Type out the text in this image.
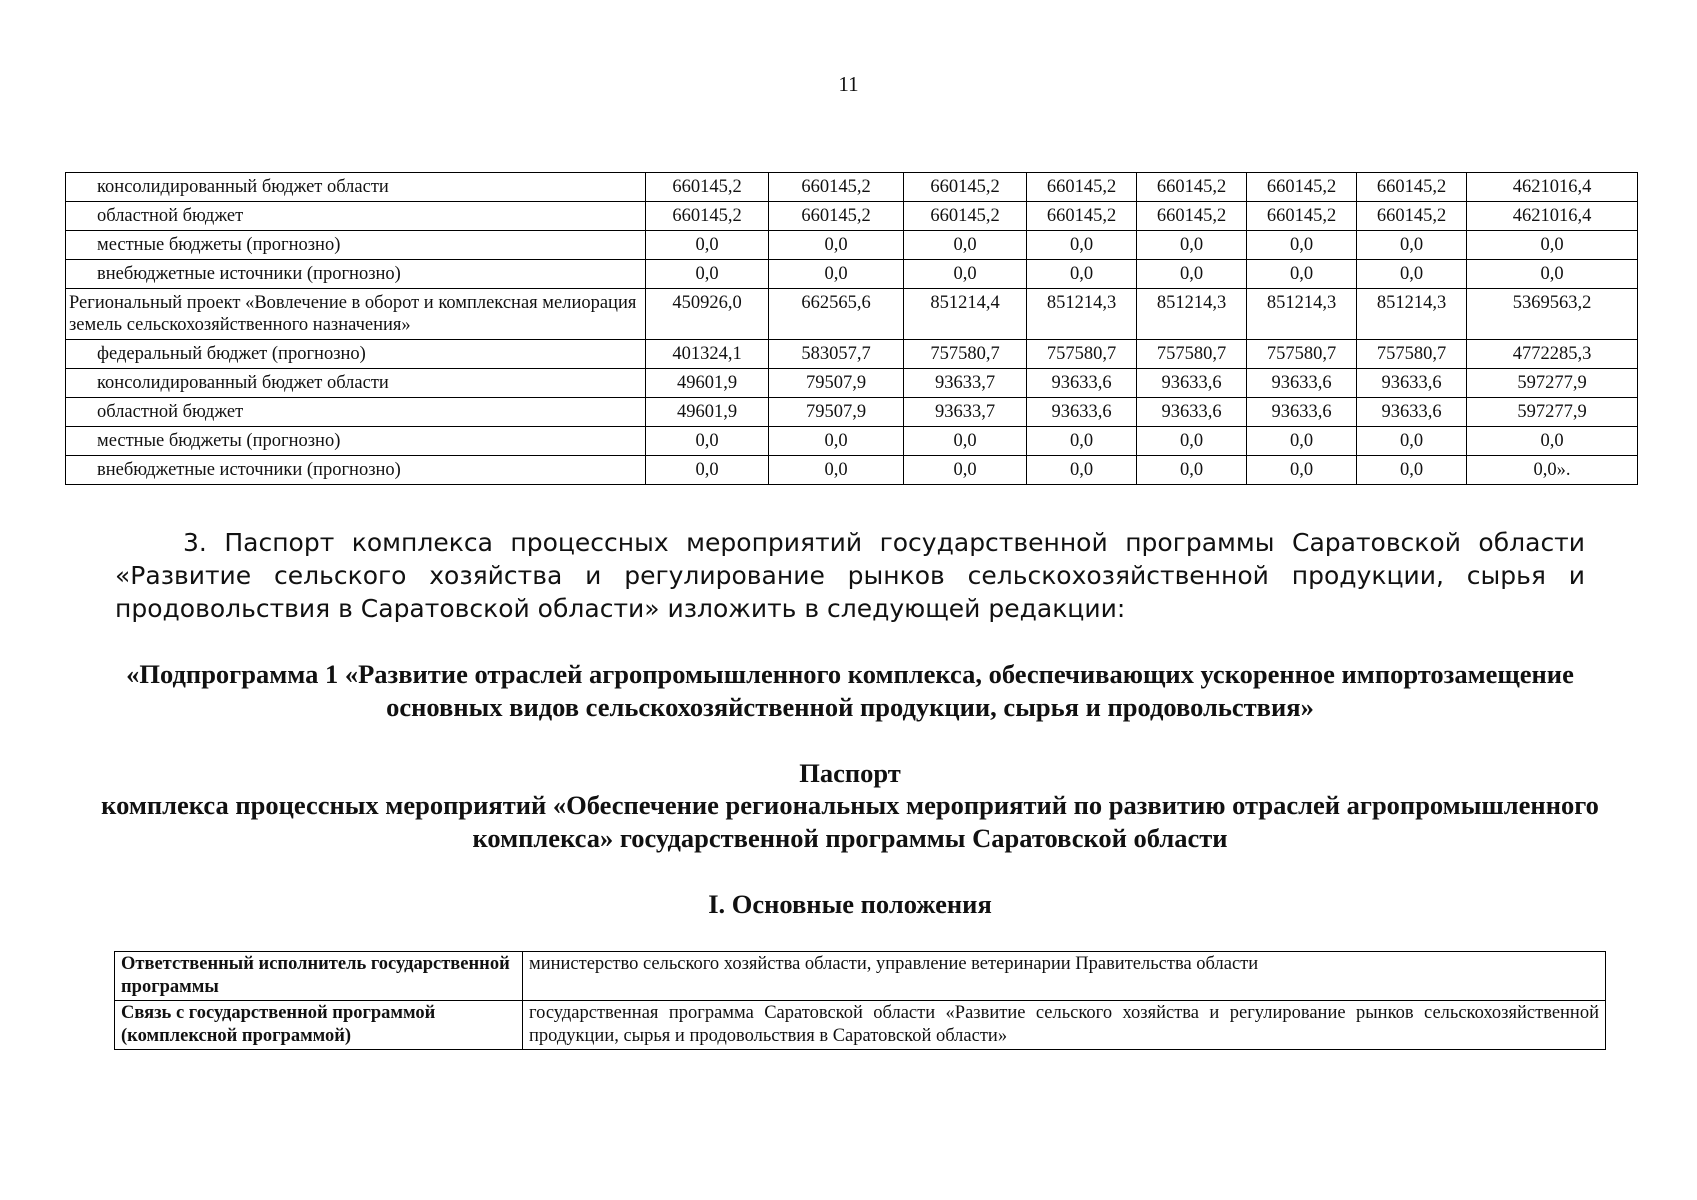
11
консолидированный бюджет области	660145,2	660145,2	660145,2	660145,2	660145,2	660145,2	660145,2	4621016,4
областной бюджет	660145,2	660145,2	660145,2	660145,2	660145,2	660145,2	660145,2	4621016,4
местные бюджеты (прогнозно)	0,0	0,0	0,0	0,0	0,0	0,0	0,0	0,0
внебюджетные источники (прогнозно)	0,0	0,0	0,0	0,0	0,0	0,0	0,0	0,0
Региональный проект «Вовлечение в оборот и комплексная мелиорация земель сельскохозяйственного назначения»	450926,0	662565,6	851214,4	851214,3	851214,3	851214,3	851214,3	5369563,2
федеральный бюджет (прогнозно)	401324,1	583057,7	757580,7	757580,7	757580,7	757580,7	757580,7	4772285,3
консолидированный бюджет области	49601,9	79507,9	93633,7	93633,6	93633,6	93633,6	93633,6	597277,9
областной бюджет	49601,9	79507,9	93633,7	93633,6	93633,6	93633,6	93633,6	597277,9
местные бюджеты (прогнозно)	0,0	0,0	0,0	0,0	0,0	0,0	0,0	0,0
внебюджетные источники (прогнозно)	0,0	0,0	0,0	0,0	0,0	0,0	0,0	0,0».
3. Паспорт комплекса процессных мероприятий государственной программы Саратовской области «Развитие сельского хозяйства и регулирование рынков сельскохозяйственной продукции, сырья и продовольствия в Саратовской области» изложить в следующей редакции:
«Подпрограмма 1 «Развитие отраслей агропромышленного комплекса, обеспечивающих ускоренное импортозамещение основных видов сельскохозяйственной продукции, сырья и продовольствия»
Паспорт
комплекса процессных мероприятий «Обеспечение региональных мероприятий по развитию отраслей агропромышленного комплекса» государственной программы Саратовской области
I. Основные положения
Ответственный исполнитель государственной программы	министерство сельского хозяйства области, управление ветеринарии Правительства области
Связь с государственной программой (комплексной программой)	государственная программа Саратовской области «Развитие сельского хозяйства и регулирование рынков сельскохозяйственной продукции, сырья и продовольствия в Саратовской области»
